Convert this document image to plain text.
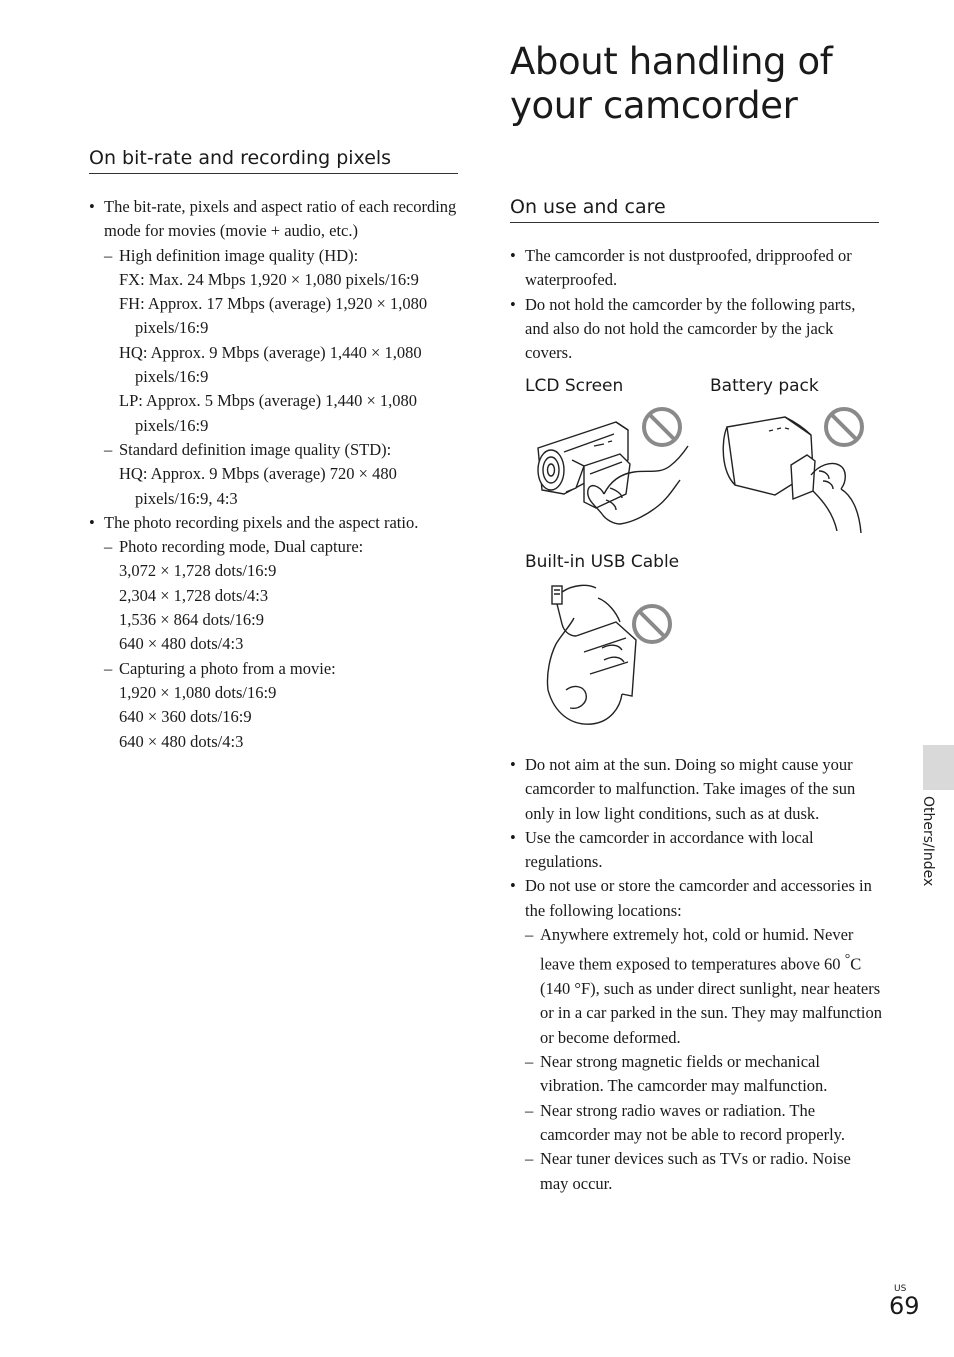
About handling of
your camcorder
On bit-rate and recording pixels
• The bit-rate, pixels and aspect ratio of each recording mode for movies (movie + audio, etc.)
– High definition image quality (HD):
FX: Max. 24 Mbps 1,920 × 1,080 pixels/16:9
FH: Approx. 17 Mbps (average) 1,920 × 1,080 pixels/16:9
HQ: Approx. 9 Mbps (average) 1,440 × 1,080 pixels/16:9
LP: Approx. 5 Mbps (average) 1,440 × 1,080 pixels/16:9
– Standard definition image quality (STD):
HQ: Approx. 9 Mbps (average) 720 × 480 pixels/16:9, 4:3
• The photo recording pixels and the aspect ratio.
– Photo recording mode, Dual capture:
3,072 × 1,728 dots/16:9
2,304 × 1,728 dots/4:3
1,536 × 864 dots/16:9
640 × 480 dots/4:3
– Capturing a photo from a movie:
1,920 × 1,080 dots/16:9
640 × 360 dots/16:9
640 × 480 dots/4:3
On use and care
• The camcorder is not dustproofed, dripproofed or waterproofed.
• Do not hold the camcorder by the following parts, and also do not hold the camcorder by the jack covers.
LCD Screen	Battery pack
Built-in USB Cable
• Do not aim at the sun. Doing so might cause your camcorder to malfunction. Take images of the sun only in low light conditions, such as at dusk.
• Use the camcorder in accordance with local regulations.
• Do not use or store the camcorder and accessories in the following locations:
– Anywhere extremely hot, cold or humid. Never leave them exposed to temperatures above 60 °C (140 °F), such as under direct sunlight, near heaters or in a car parked in the sun. They may malfunction or become deformed.
– Near strong magnetic fields or mechanical vibration. The camcorder may malfunction.
– Near strong radio waves or radiation. The camcorder may not be able to record properly.
– Near tuner devices such as TVs or radio. Noise may occur.
Others/Index
US
69
